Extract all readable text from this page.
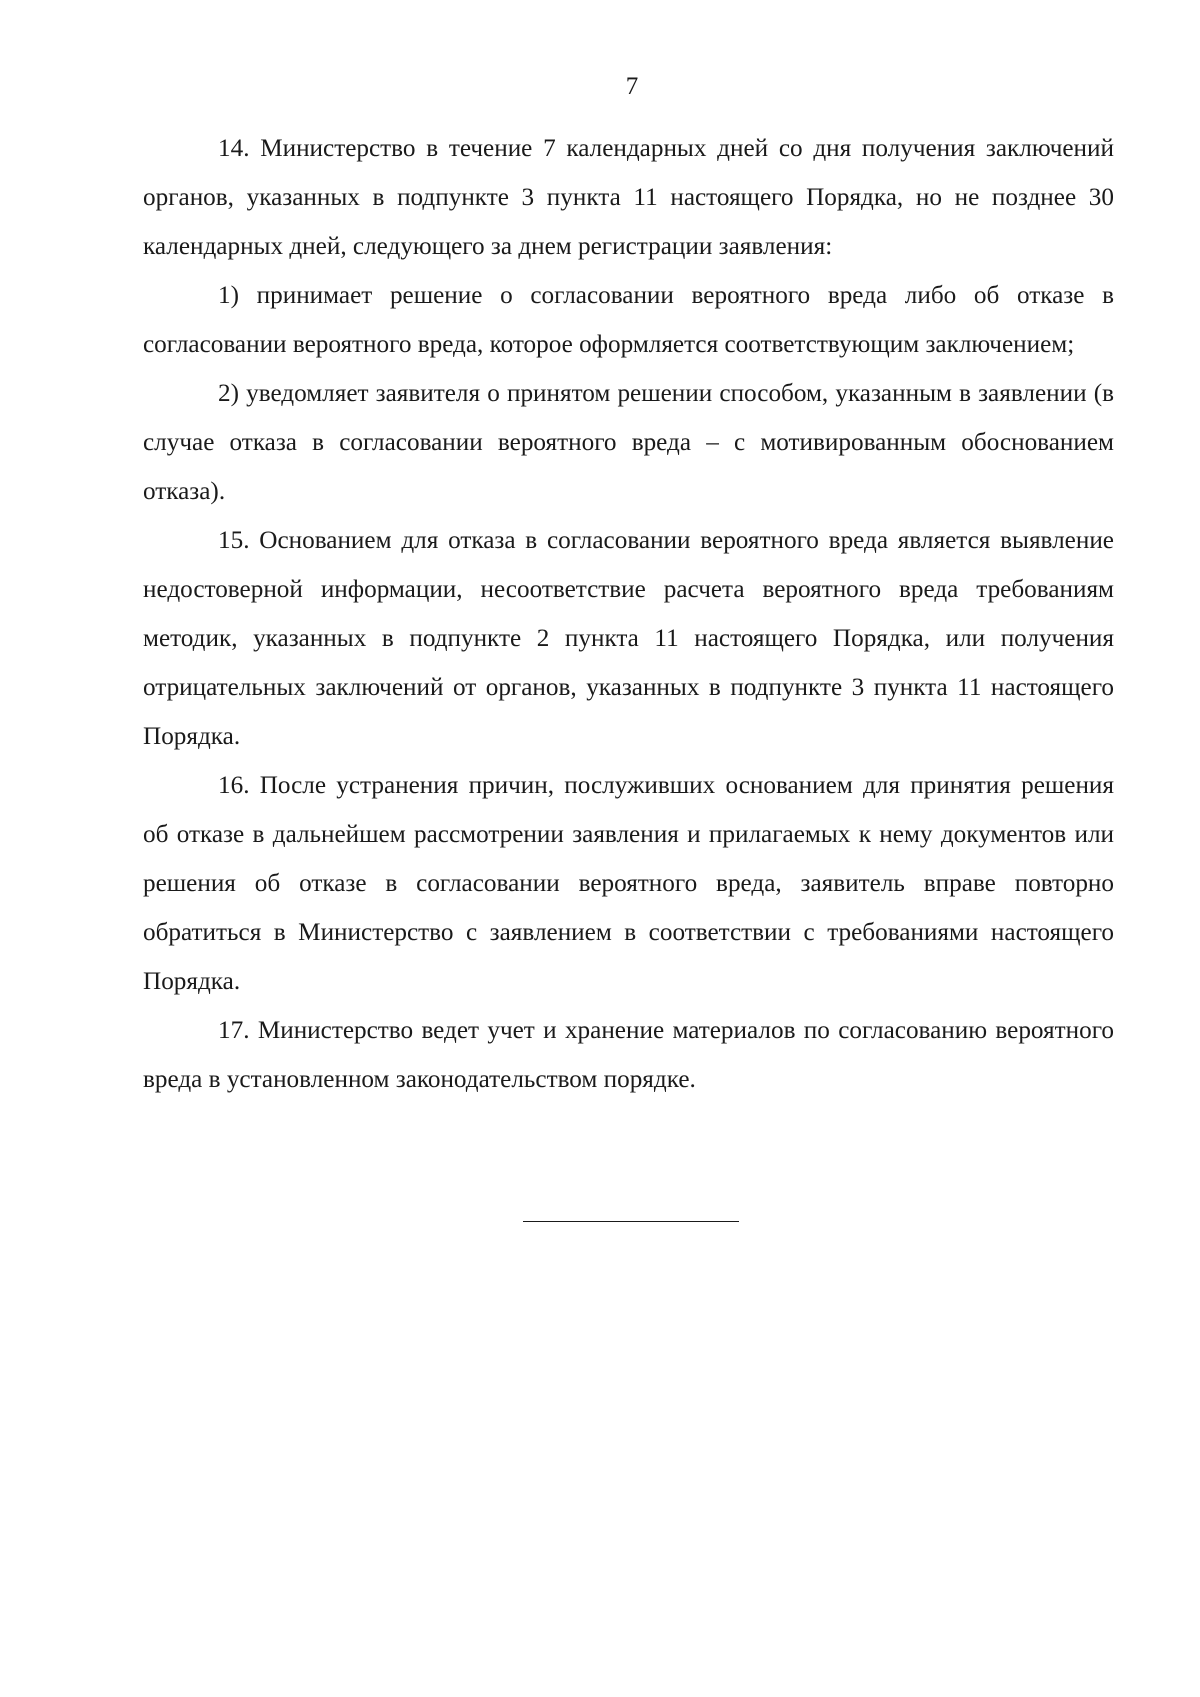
7

14. Министерство в течение 7 календарных дней со дня получения заключений органов, указанных в подпункте 3 пункта 11 настоящего Порядка, но не позднее 30 календарных дней, следующего за днем регистрации заявления:

1) принимает решение о согласовании вероятного вреда либо об отказе в согласовании вероятного вреда, которое оформляется соответствующим заключением;

2) уведомляет заявителя о принятом решении способом, указанным в заявлении (в случае отказа в согласовании вероятного вреда – с мотивированным обоснованием отказа).

15. Основанием для отказа в согласовании вероятного вреда является выявление недостоверной информации, несоответствие расчета вероятного вреда требованиям методик, указанных в подпункте 2 пункта 11 настоящего Порядка, или получения отрицательных заключений от органов, указанных в подпункте 3 пункта 11 настоящего Порядка.

16. После устранения причин, послуживших основанием для принятия решения об отказе в дальнейшем рассмотрении заявления и прилагаемых к нему документов или решения об отказе в согласовании вероятного вреда, заявитель вправе повторно обратиться в Министерство с заявлением в соответствии с требованиями настоящего Порядка.

17. Министерство ведет учет и хранение материалов по согласованию вероятного вреда в установленном законодательством порядке.
